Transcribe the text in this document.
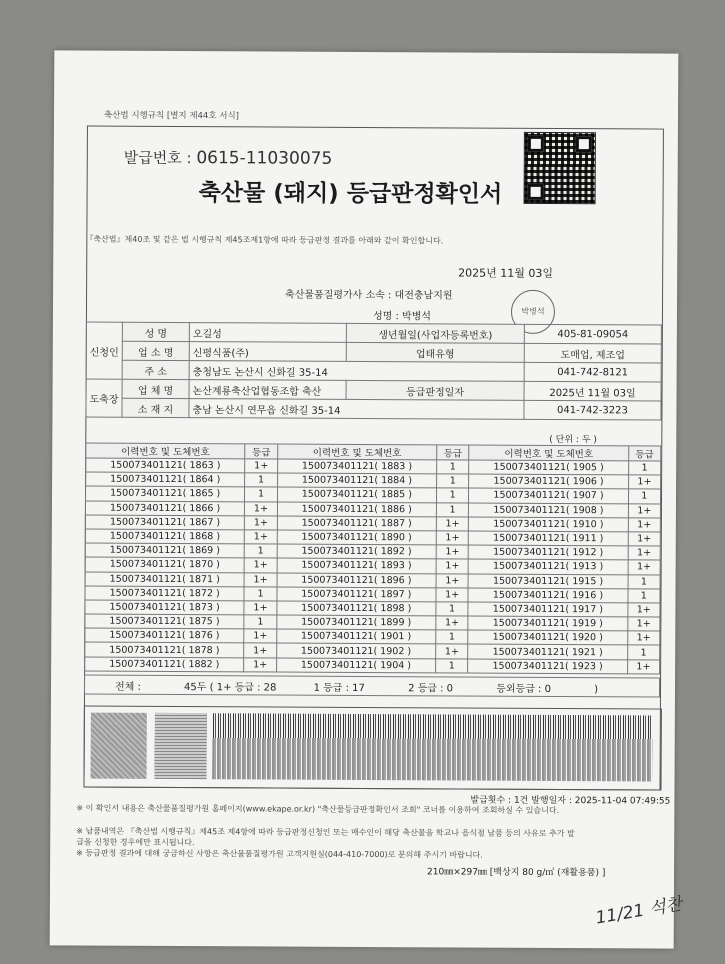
축산법 시행규칙 [별지 제44호 서식]
발급번호 : 0615-11030075
축산물 (돼지) 등급판정확인서
『축산법』제40조 및 같은 법 시행규칙 제45조제1항에 따라 등급판정 결과를 아래와 같이 확인합니다.
2025년 11월 03일
축산물품질평가사 소속 : 대전충남지원
성명 : 박병석	박병석
신청인	성 명	오길성	생년월일(사업자등록번호)	405-81-09054
	업 소 명	신평식품(주)	업태유형	도매업, 제조업
	주 소	충청남도 논산시 신화길 35-14		041-742-8121
도축장	업 체 명	논산계룡축산업협동조합 축산	등급판정일자	2025년 11월 03일
	소 재 지	충남 논산시 연무읍 신화길 35-14		041-742-3223
( 단위 : 두 )
이력번호 및 도체번호	등급	이력번호 및 도체번호	등급	이력번호 및 도체번호	등급
150073401121( 1863 )	1+	150073401121( 1883 )	1	150073401121( 1905 )	1
150073401121( 1864 )	1	150073401121( 1884 )	1	150073401121( 1906 )	1+
150073401121( 1865 )	1	150073401121( 1885 )	1	150073401121( 1907 )	1
150073401121( 1866 )	1+	150073401121( 1886 )	1	150073401121( 1908 )	1+
150073401121( 1867 )	1+	150073401121( 1887 )	1+	150073401121( 1910 )	1+
150073401121( 1868 )	1+	150073401121( 1890 )	1+	150073401121( 1911 )	1+
150073401121( 1869 )	1	150073401121( 1892 )	1+	150073401121( 1912 )	1+
150073401121( 1870 )	1+	150073401121( 1893 )	1+	150073401121( 1913 )	1+
150073401121( 1871 )	1+	150073401121( 1896 )	1+	150073401121( 1915 )	1
150073401121( 1872 )	1	150073401121( 1897 )	1+	150073401121( 1916 )	1
150073401121( 1873 )	1+	150073401121( 1898 )	1	150073401121( 1917 )	1+
150073401121( 1875 )	1	150073401121( 1899 )	1+	150073401121( 1919 )	1+
150073401121( 1876 )	1+	150073401121( 1901 )	1	150073401121( 1920 )	1+
150073401121( 1878 )	1+	150073401121( 1902 )	1+	150073401121( 1921 )	1
150073401121( 1882 )	1+	150073401121( 1904 )	1	150073401121( 1923 )	1+
전체 :	45두 ( 1+ 등급 : 28	1 등급 : 17	2 등급 : 0	등외등급 : 0	)
발급횟수 : 1건 발행일자 : 2025-11-04 07:49:55
※ 이 확인서 내용은 축산물품질평가원 홈페이지(www.ekape.or.kr) "축산물등급판정확인서 조회" 코너를 이용하여 조회하실 수 있습니다.
※ 납품내역은 『축산법 시행규칙』제45조 제4항에 따라 등급판정신청인 또는 매수인이 해당 축산물을 학교나 음식점 납품 등의 사유로 추가 발급을 신청한 경우에만 표시됩니다.
※ 등급판정 결과에 대해 궁금하신 사항은 축산물품질평가원 고객지원실(044-410-7000)로 문의해 주시기 바랍니다.
210㎜×297㎜ [백상지 80 g/㎡ (재활용품) ]
11/21 석찬
